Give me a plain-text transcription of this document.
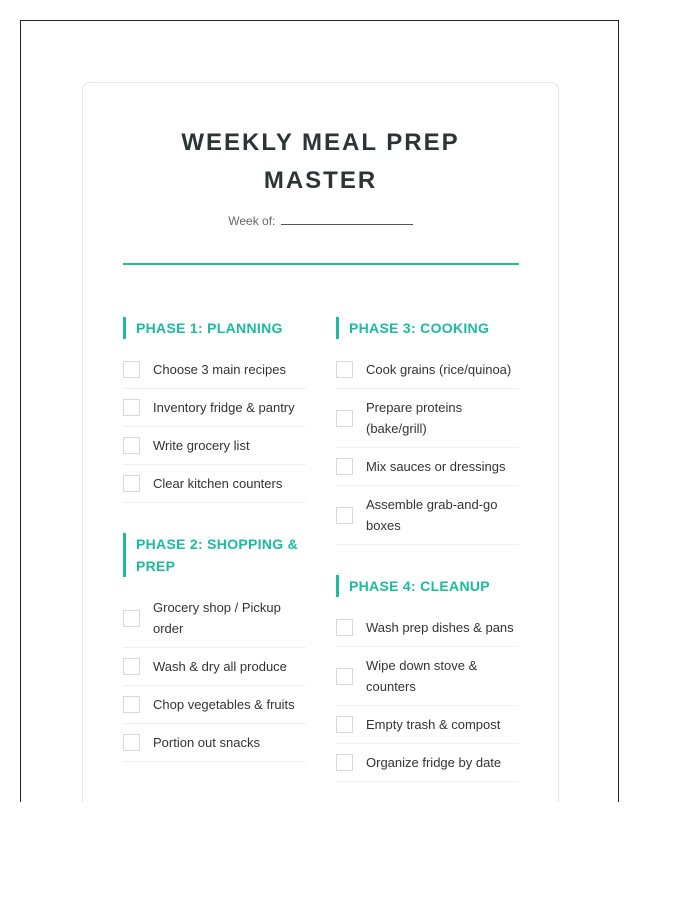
WEEKLY MEAL PREP
MASTER
Week of:
PHASE 1: PLANNING
Choose 3 main recipes
Inventory fridge & pantry
Write grocery list
Clear kitchen counters
PHASE 2: SHOPPING & PREP
Grocery shop / Pickup order
Wash & dry all produce
Chop vegetables & fruits
Portion out snacks
PHASE 3: COOKING
Cook grains (rice/quinoa)
Prepare proteins (bake/grill)
Mix sauces or dressings
Assemble grab-and-go boxes
PHASE 4: CLEANUP
Wash prep dishes & pans
Wipe down stove & counters
Empty trash & compost
Organize fridge by date
